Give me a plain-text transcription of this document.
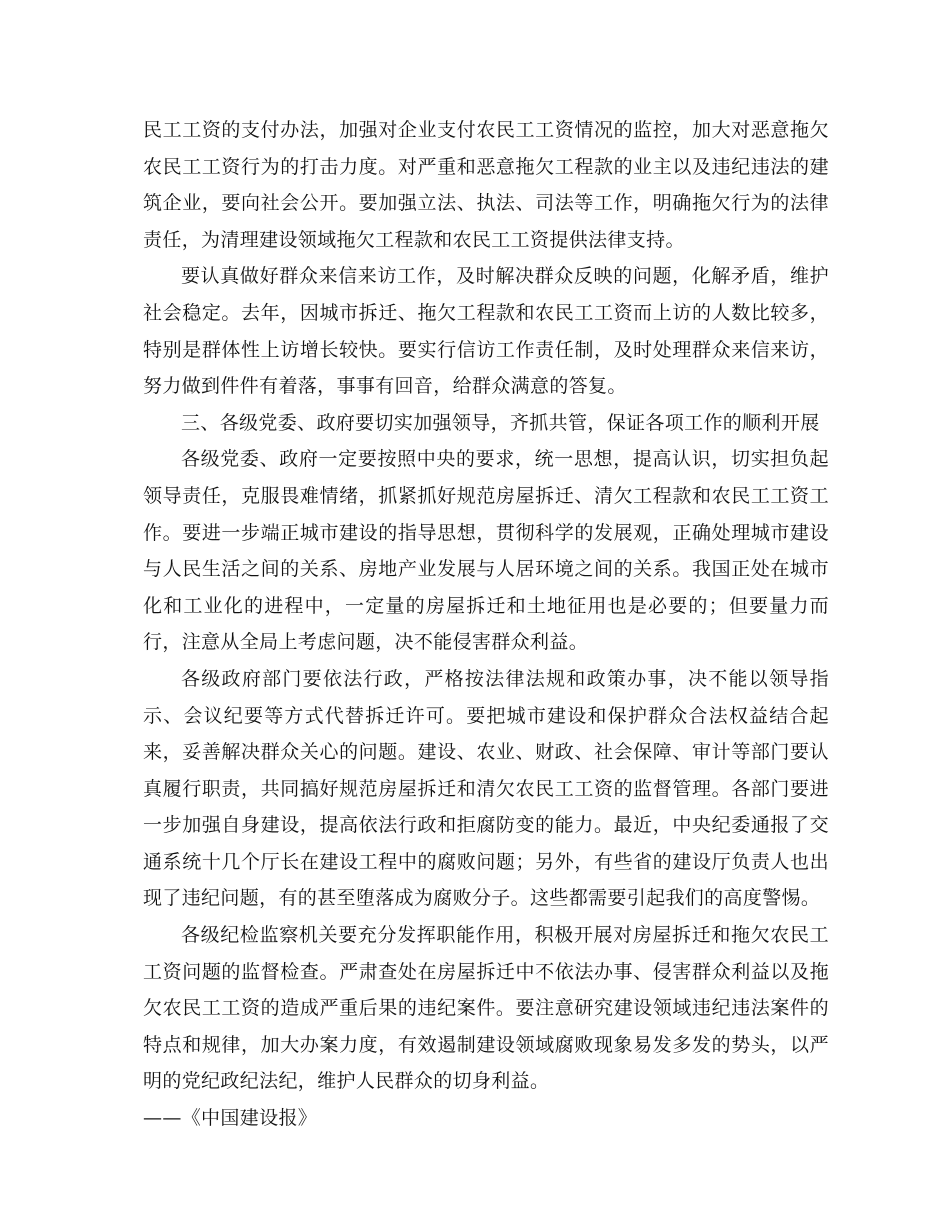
民工工资的支付办法，加强对企业支付农民工工资情况的监控，加大对恶意拖欠农民工工资行为的打击力度。对严重和恶意拖欠工程款的业主以及违纪违法的建筑企业，要向社会公开。要加强立法、执法、司法等工作，明确拖欠行为的法律责任，为清理建设领域拖欠工程款和农民工工资提供法律支持。

要认真做好群众来信来访工作，及时解决群众反映的问题，化解矛盾，维护社会稳定。去年，因城市拆迁、拖欠工程款和农民工工资而上访的人数比较多，特别是群体性上访增长较快。要实行信访工作责任制，及时处理群众来信来访，努力做到件件有着落，事事有回音，给群众满意的答复。

三、各级党委、政府要切实加强领导，齐抓共管，保证各项工作的顺利开展

各级党委、政府一定要按照中央的要求，统一思想，提高认识，切实担负起领导责任，克服畏难情绪，抓紧抓好规范房屋拆迁、清欠工程款和农民工工资工作。要进一步端正城市建设的指导思想，贯彻科学的发展观，正确处理城市建设与人民生活之间的关系、房地产业发展与人居环境之间的关系。我国正处在城市化和工业化的进程中，一定量的房屋拆迁和土地征用也是必要的；但要量力而行，注意从全局上考虑问题，决不能侵害群众利益。

各级政府部门要依法行政，严格按法律法规和政策办事，决不能以领导指示、会议纪要等方式代替拆迁许可。要把城市建设和保护群众合法权益结合起来，妥善解决群众关心的问题。建设、农业、财政、社会保障、审计等部门要认真履行职责，共同搞好规范房屋拆迁和清欠农民工工资的监督管理。各部门要进一步加强自身建设，提高依法行政和拒腐防变的能力。最近，中央纪委通报了交通系统十几个厅长在建设工程中的腐败问题；另外，有些省的建设厅负责人也出现了违纪问题，有的甚至堕落成为腐败分子。这些都需要引起我们的高度警惕。

各级纪检监察机关要充分发挥职能作用，积极开展对房屋拆迁和拖欠农民工工资问题的监督检查。严肃查处在房屋拆迁中不依法办事、侵害群众利益以及拖欠农民工工资的造成严重后果的违纪案件。要注意研究建设领域违纪违法案件的特点和规律，加大办案力度，有效遏制建设领域腐败现象易发多发的势头，以严明的党纪政纪法纪，维护人民群众的切身利益。

——《中国建设报》
